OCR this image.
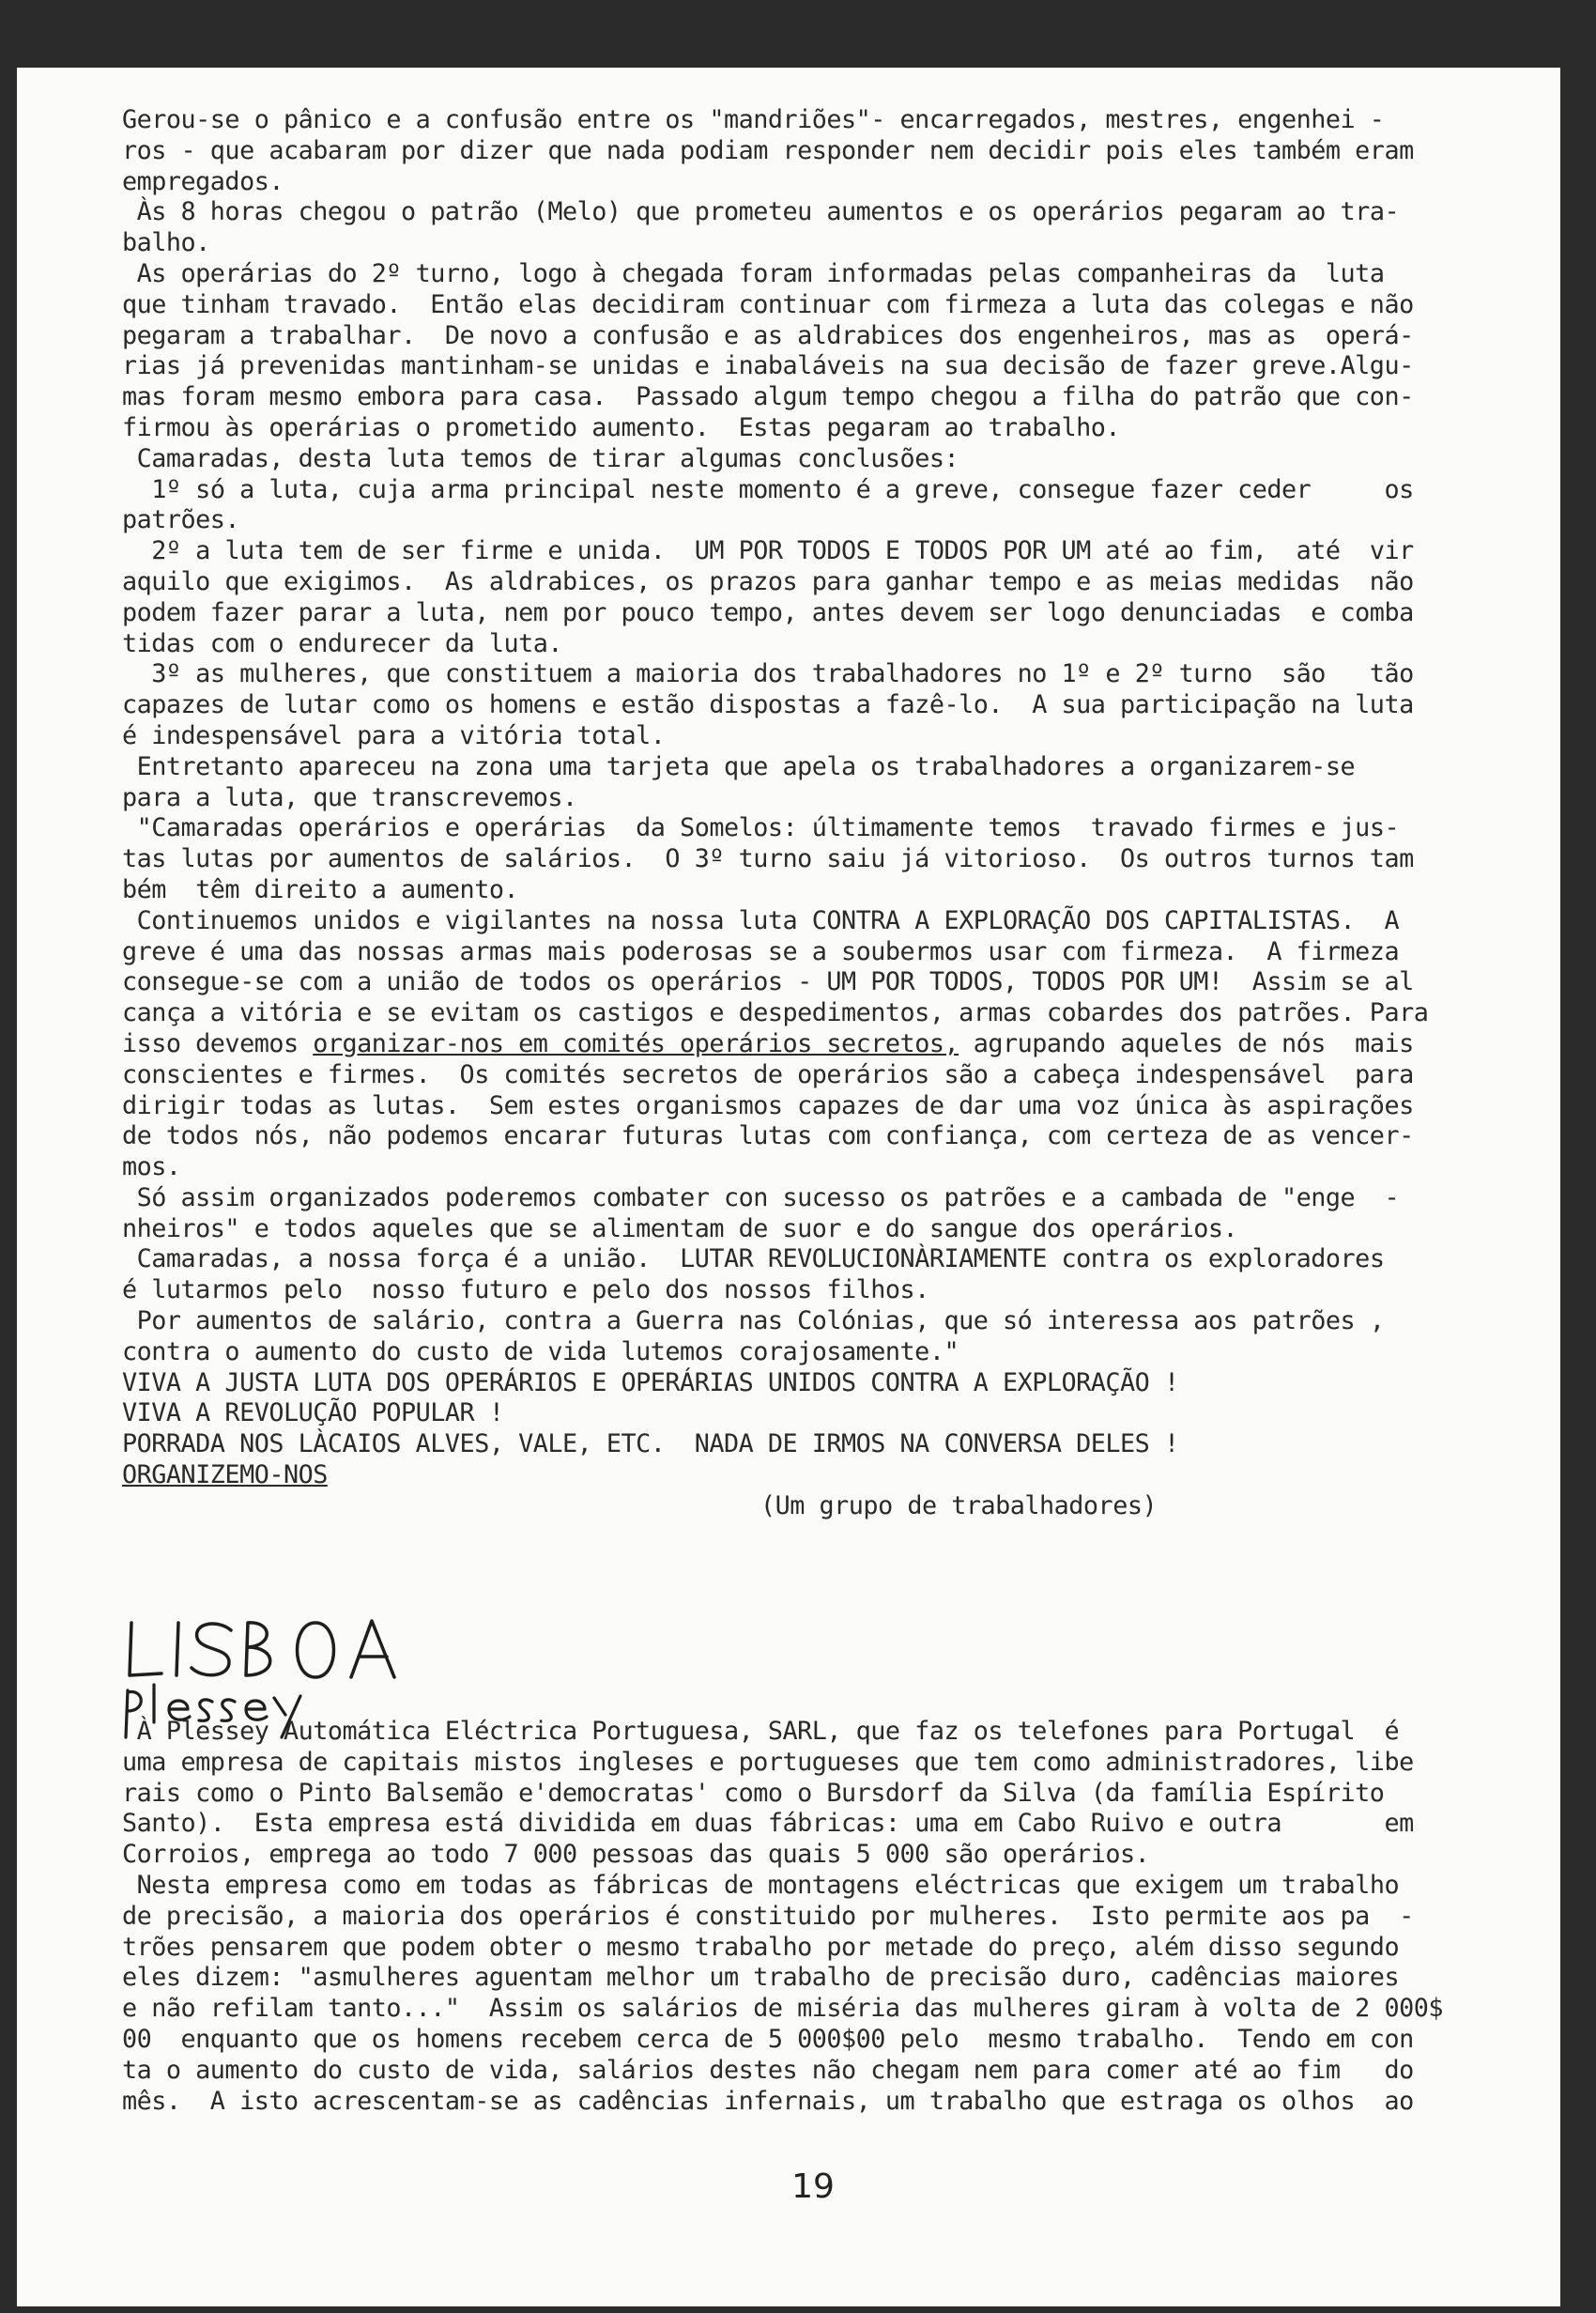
Gerou-se o pânico e a confusão entre os "mandriões"- encarregados, mestres, engenhei -
ros - que acabaram por dizer que nada podiam responder nem decidir pois eles também eram
empregados.

Às 8 horas chegou o patrão (Melo) que prometeu aumentos e os operários pegaram ao tra-
balho.

As operárias do 2º turno, logo à chegada foram informadas pelas companheiras da  luta
que tinham travado.  Então elas decidiram continuar com firmeza a luta das colegas e não
pegaram a trabalhar.  De novo a confusão e as aldrabices dos engenheiros, mas as  operá-
rias já prevenidas mantinham-se unidas e inabaláveis na sua decisão de fazer greve.Algu-
mas foram mesmo embora para casa.  Passado algum tempo chegou a filha do patrão que con-
firmou às operárias o prometido aumento.  Estas pegaram ao trabalho.

Camaradas, desta luta temos de tirar algumas conclusões:

1º só a luta, cuja arma principal neste momento é a greve, consegue fazer ceder     os
patrões.

2º a luta tem de ser firme e unida.  UM POR TODOS E TODOS POR UM até ao fim,  até  vir
aquilo que exigimos.  As aldrabices, os prazos para ganhar tempo e as meias medidas  não
podem fazer parar a luta, nem por pouco tempo, antes devem ser logo denunciadas  e comba
tidas com o endurecer da luta.

3º as mulheres, que constituem a maioria dos trabalhadores no 1º e 2º turno  são   tão
capazes de lutar como os homens e estão dispostas a fazê-lo.  A sua participação na luta
é indespensável para a vitória total.

Entretanto apareceu na zona uma tarjeta que apela os trabalhadores a organizarem-se
para a luta, que transcrevemos.

"Camaradas operários e operárias  da Somelos: últimamente temos  travado firmes e jus-
tas lutas por aumentos de salários.  O 3º turno saiu já vitorioso.  Os outros turnos tam
bém  têm direito a aumento.

Continuemos unidos e vigilantes na nossa luta CONTRA A EXPLORAÇÃO DOS CAPITALISTAS.  A
greve é uma das nossas armas mais poderosas se a soubermos usar com firmeza.  A firmeza
consegue-se com a união de todos os operários - UM POR TODOS, TODOS POR UM!  Assim se al
cança a vitória e se evitam os castigos e despedimentos, armas cobardes dos patrões. Para
isso devemos organizar-nos em comités operários secretos, agrupando aqueles de nós  mais
conscientes e firmes.  Os comités secretos de operários são a cabeça indespensável  para
dirigir todas as lutas.  Sem estes organismos capazes de dar uma voz única às aspirações
de todos nós, não podemos encarar futuras lutas com confiança, com certeza de as vencer-
mos.

Só assim organizados poderemos combater con sucesso os patrões e a cambada de "enge  -
nheiros" e todos aqueles que se alimentam de suor e do sangue dos operários.

Camaradas, a nossa força é a união.  LUTAR REVOLUCIONÀRIAMENTE contra os exploradores
é lutarmos pelo  nosso futuro e pelo dos nossos filhos.

Por aumentos de salário, contra a Guerra nas Colónias, que só interessa aos patrões ,
contra o aumento do custo de vida lutemos corajosamente."

VIVA A JUSTA LUTA DOS OPERÁRIOS E OPERÁRIAS UNIDOS CONTRA A EXPLORAÇÃO !

VIVA A REVOLUÇÃO POPULAR !

PORRADA NOS LÀCAIOS ALVES, VALE, ETC.  NADA DE IRMOS NA CONVERSA DELES !

ORGANIZEMO-NOS

(Um grupo de trabalhadores)

À Plessey Automática Eléctrica Portuguesa, SARL, que faz os telefones para Portugal  é
uma empresa de capitais mistos ingleses e portugueses que tem como administradores, libe
rais como o Pinto Balsemão e'democratas' como o Bursdorf da Silva (da família Espírito
Santo).  Esta empresa está dividida em duas fábricas: uma em Cabo Ruivo e outra       em
Corroios, emprega ao todo 7 000 pessoas das quais 5 000 são operários.

Nesta empresa como em todas as fábricas de montagens eléctricas que exigem um trabalho
de precisão, a maioria dos operários é constituido por mulheres.  Isto permite aos pa  -
trões pensarem que podem obter o mesmo trabalho por metade do preço, além disso segundo
eles dizem: "asmulheres aguentam melhor um trabalho de precisão duro, cadências maiores
e não refilam tanto..."  Assim os salários de miséria das mulheres giram à volta de 2 000$
00  enquanto que os homens recebem cerca de 5 000$00 pelo  mesmo trabalho.  Tendo em con
ta o aumento do custo de vida, salários destes não chegam nem para comer até ao fim   do
mês.  A isto acrescentam-se as cadências infernais, um trabalho que estraga os olhos  ao

19
